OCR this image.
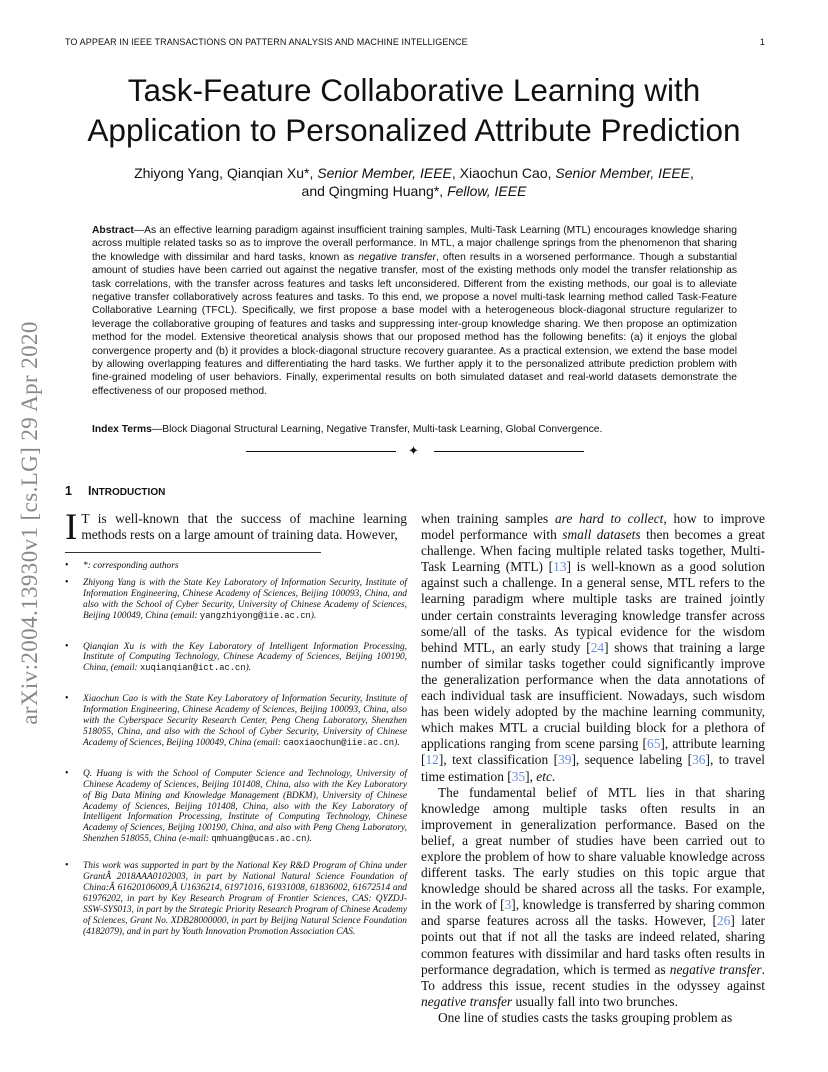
TO APPEAR IN IEEE TRANSACTIONS ON PATTERN ANALYSIS AND MACHINE INTELLIGENCE	1
arXiv:2004.13930v1 [cs.LG] 29 Apr 2020
Task-Feature Collaborative Learning with
Application to Personalized Attribute Prediction
Zhiyong Yang, Qianqian Xu*, Senior Member, IEEE, Xiaochun Cao, Senior Member, IEEE,
and Qingming Huang*, Fellow, IEEE
Abstract—As an effective learning paradigm against insufficient training samples, Multi-Task Learning (MTL) encourages knowledge sharing across multiple related tasks so as to improve the overall performance. In MTL, a major challenge springs from the phenomenon that sharing the knowledge with dissimilar and hard tasks, known as negative transfer, often results in a worsened performance. Though a substantial amount of studies have been carried out against the negative transfer, most of the existing methods only model the transfer relationship as task correlations, with the transfer across features and tasks left unconsidered. Different from the existing methods, our goal is to alleviate negative transfer collaboratively across features and tasks. To this end, we propose a novel multi-task learning method called Task-Feature Collaborative Learning (TFCL). Specifically, we first propose a base model with a heterogeneous block-diagonal structure regularizer to leverage the collaborative grouping of features and tasks and suppressing inter-group knowledge sharing. We then propose an optimization method for the model. Extensive theoretical analysis shows that our proposed method has the following benefits: (a) it enjoys the global convergence property and (b) it provides a block-diagonal structure recovery guarantee. As a practical extension, we extend the base model by allowing overlapping features and differentiating the hard tasks. We further apply it to the personalized attribute prediction problem with fine-grained modeling of user behaviors. Finally, experimental results on both simulated dataset and real-world datasets demonstrate the effectiveness of our proposed method.
Index Terms—Block Diagonal Structural Learning, Negative Transfer, Multi-task Learning, Global Convergence.
✦
1 INTRODUCTION
I T is well-known that the success of machine learning methods rests on a large amount of training data. However,
• *: corresponding authors
• Zhiyong Yang is with the State Key Laboratory of Information Security, Institute of Information Engineering, Chinese Academy of Sciences, Beijing 100093, China, and also with the School of Cyber Security, University of Chinese Academy of Sciences, Beijing 100049, China (email: yangzhiyong@iie.ac.cn).
• Qianqian Xu is with the Key Laboratory of Intelligent Information Processing, Institute of Computing Technology, Chinese Academy of Sciences, Beijing 100190, China, (email: xuqianqian@ict.ac.cn).
• Xiaochun Cao is with the State Key Laboratory of Information Security, Institute of Information Engineering, Chinese Academy of Sciences, Beijing 100093, China, also with the Cyberspace Security Research Center, Peng Cheng Laboratory, Shenzhen 518055, China, and also with the School of Cyber Security, University of Chinese Academy of Sciences, Beijing 100049, China (email: caoxiaochun@iie.ac.cn).
• Q. Huang is with the School of Computer Science and Technology, University of Chinese Academy of Sciences, Beijing 101408, China, also with the Key Laboratory of Big Data Mining and Knowledge Management (BDKM), University of Chinese Academy of Sciences, Beijing 101408, China, also with the Key Laboratory of Intelligent Information Processing, Institute of Computing Technology, Chinese Academy of Sciences, Beijing 100190, China, and also with Peng Cheng Laboratory, Shenzhen 518055, China (e-mail: qmhuang@ucas.ac.cn).
• This work was supported in part by the National Key R&D Program of China under GrantÂ 2018AAA0102003, in part by National Natural Science Foundation of China:Â 61620106009,Â U1636214, 61971016, 61931008, 61836002, 61672514 and 61976202, in part by Key Research Program of Frontier Sciences, CAS: QYZDJ-SSW-SYS013, in part by the Strategic Priority Research Program of Chinese Academy of Sciences, Grant No. XDB28000000, in part by Beijing Natural Science Foundation (4182079), and in part by Youth Innovation Promotion Association CAS.

when training samples are hard to collect, how to improve model performance with small datasets then becomes a great challenge. When facing multiple related tasks together, Multi-Task Learning (MTL) [13] is well-known as a good solution against such a challenge. In a general sense, MTL refers to the learning paradigm where multiple tasks are trained jointly under certain constraints leveraging knowledge transfer across some/all of the tasks. As typical evidence for the wisdom behind MTL, an early study [24] shows that training a large number of similar tasks together could significantly improve the generalization performance when the data annotations of each individual task are insufficient. Nowadays, such wisdom has been widely adopted by the machine learning community, which makes MTL a crucial building block for a plethora of applications ranging from scene parsing [65], attribute learning [12], text classification [39], sequence labeling [36], to travel time estimation [35], etc.

The fundamental belief of MTL lies in that sharing knowledge among multiple tasks often results in an improvement in generalization performance. Based on the belief, a great number of studies have been carried out to explore the problem of how to share valuable knowledge across different tasks. The early studies on this topic argue that knowledge should be shared across all the tasks. For example, in the work of [3], knowledge is transferred by sharing common and sparse features across all the tasks. However, [26] later points out that if not all the tasks are indeed related, sharing common features with dissimilar and hard tasks often results in performance degradation, which is termed as negative transfer. To address this issue, recent studies in the odyssey against negative transfer usually fall into two brunches.

One line of studies casts the tasks grouping problem as
